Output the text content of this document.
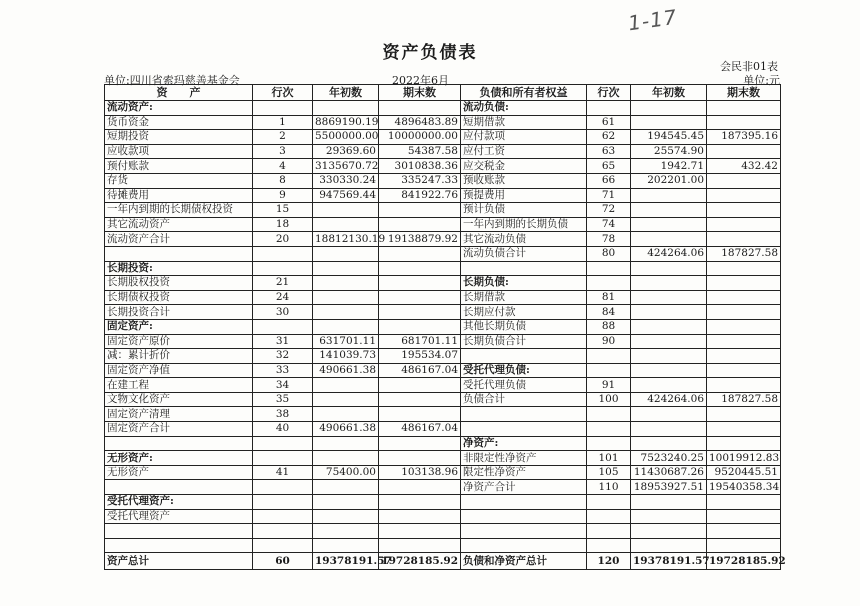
1-17
资产负债表
会民非01表
单位:四川省索玛慈善基金会	2022年6月	单位:元
资　　产	行次	年初数	期末数	负债和所有者权益	行次	年初数	期末数
流动资产:				流动负债:			
货币资金	1	8869190.19	4896483.89	短期借款	61		
短期投资	2	5500000.00	10000000.00	应付款项	62	194545.45	187395.16
应收款项	3	29369.60	54387.58	应付工资	63	25574.90	
预付账款	4	3135670.72	3010838.36	应交税金	65	1942.71	432.42
存货	8	330330.24	335247.33	预收账款	66	202201.00	
待摊费用	9	947569.44	841922.76	预提费用	71		
一年内到期的长期债权投资	15			预计负债	72		
其它流动资产	18			一年内到期的长期负债	74		
流动资产合计	20	18812130.19	19138879.92	其它流动负债	78		
				流动负债合计	80	424264.06	187827.58
长期投资:							
长期股权投资	21			长期负债:			
长期债权投资	24			长期借款	81		
长期投资合计	30			长期应付款	84		
固定资产:				其他长期负债	88		
固定资产原价	31	631701.11	681701.11	长期负债合计	90		
减：累计折价	32	141039.73	195534.07				
固定资产净值	33	490661.38	486167.04	受托代理负债:			
在建工程	34			受托代理负债	91		
文物文化资产	35			负债合计	100	424264.06	187827.58
固定资产清理	38						
固定资产合计	40	490661.38	486167.04				
				净资产:			
无形资产:				非限定性净资产	101	7523240.25	10019912.83
无形资产	41	75400.00	103138.96	限定性净资产	105	11430687.26	9520445.51
				净资产合计	110	18953927.51	19540358.34
受托代理资产:							
受托代理资产							

资产总计	60	19378191.57	19728185.92	负债和净资产总计	120	19378191.57	19728185.92
